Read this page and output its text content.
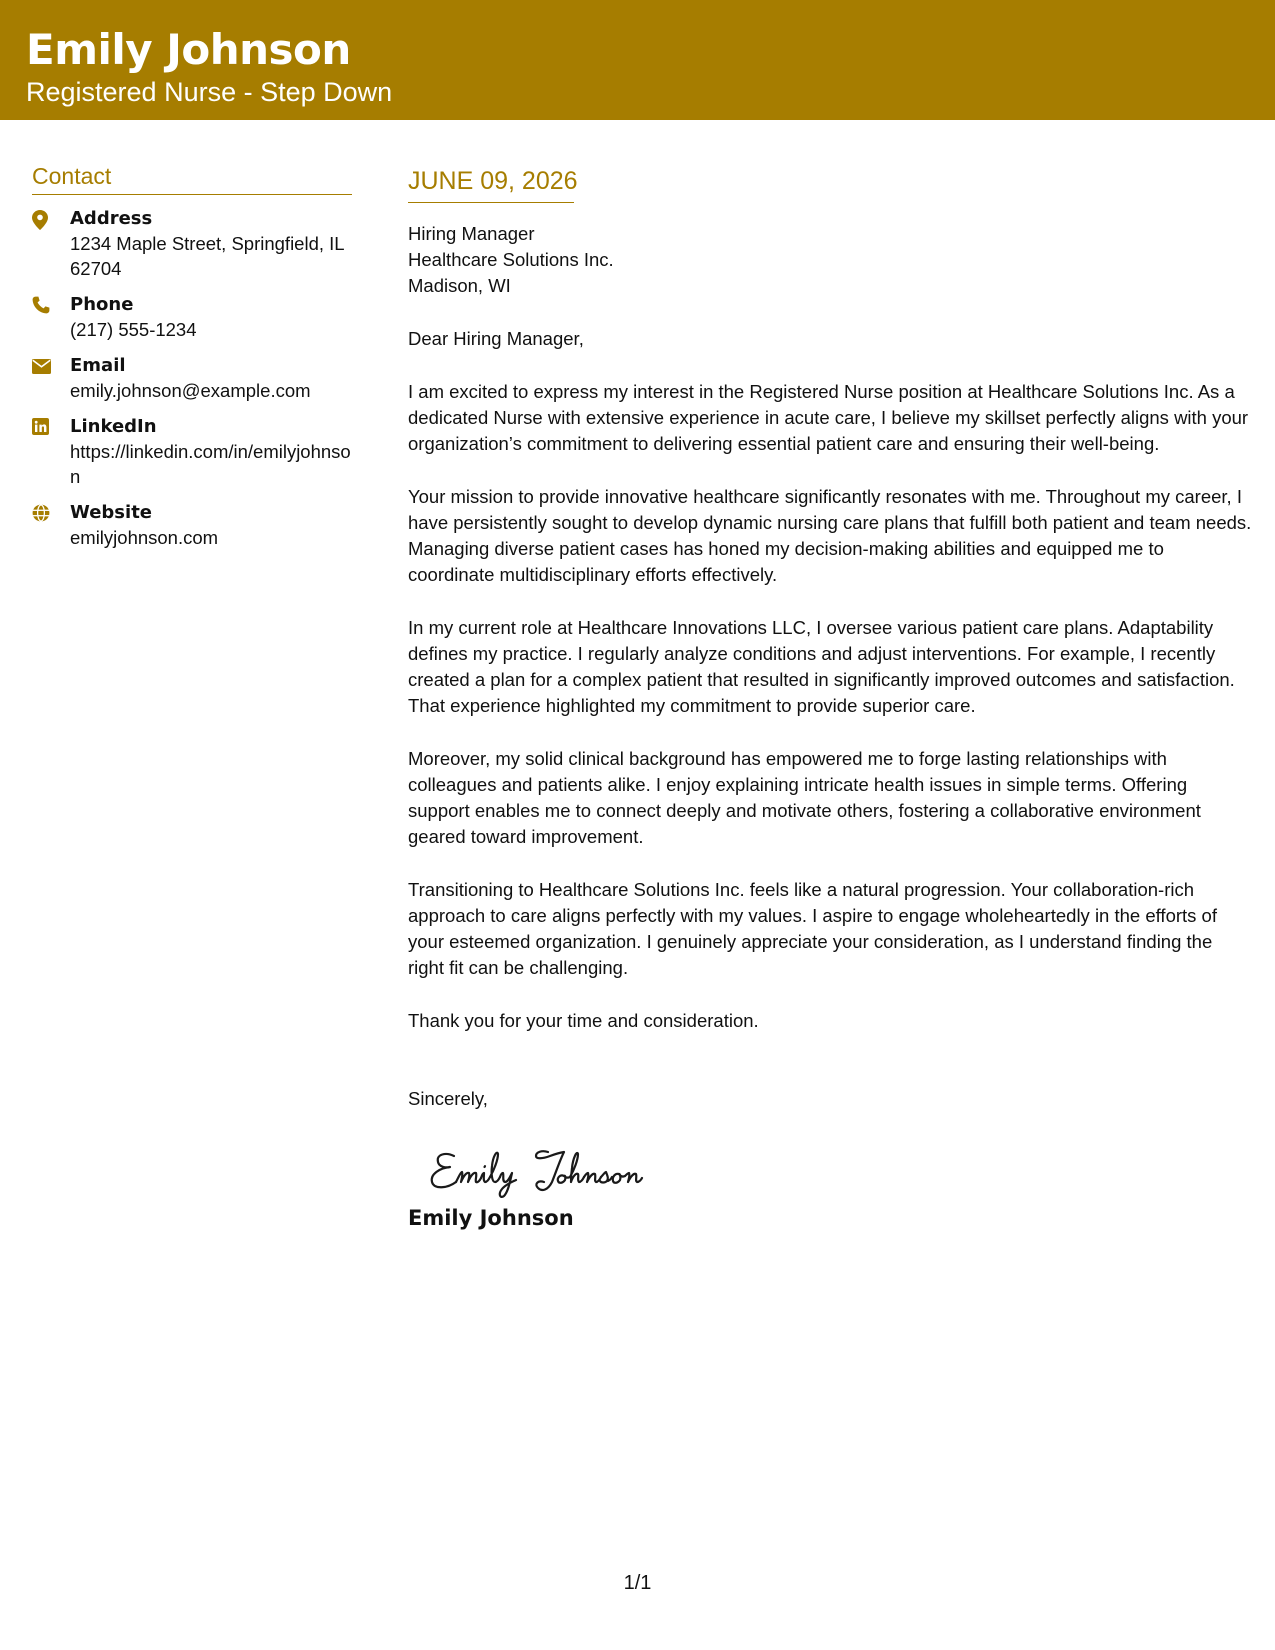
Emily Johnson
Registered Nurse - Step Down
Contact
Address
1234 Maple Street, Springfield, IL 62704
Phone
(217) 555-1234
Email
emily.johnson@example.com
LinkedIn
https://linkedin.com/in/emilyjohnson
Website
emilyjohnson.com
JUNE 09, 2026
Hiring Manager
Healthcare Solutions Inc.
Madison, WI
Dear Hiring Manager,
I am excited to express my interest in the Registered Nurse position at Healthcare Solutions Inc. As a dedicated Nurse with extensive experience in acute care, I believe my skillset perfectly aligns with your organization’s commitment to delivering essential patient care and ensuring their well-being.
Your mission to provide innovative healthcare significantly resonates with me. Throughout my career, I have persistently sought to develop dynamic nursing care plans that fulfill both patient and team needs. Managing diverse patient cases has honed my decision-making abilities and equipped me to coordinate multidisciplinary efforts effectively.
In my current role at Healthcare Innovations LLC, I oversee various patient care plans. Adaptability defines my practice. I regularly analyze conditions and adjust interventions. For example, I recently created a plan for a complex patient that resulted in significantly improved outcomes and satisfaction. That experience highlighted my commitment to provide superior care.
Moreover, my solid clinical background has empowered me to forge lasting relationships with colleagues and patients alike. I enjoy explaining intricate health issues in simple terms. Offering support enables me to connect deeply and motivate others, fostering a collaborative environment geared toward improvement.
Transitioning to Healthcare Solutions Inc. feels like a natural progression. Your collaboration-rich approach to care aligns perfectly with my values. I aspire to engage wholeheartedly in the efforts of your esteemed organization. I genuinely appreciate your consideration, as I understand finding the right fit can be challenging.
Thank you for your time and consideration.
Sincerely,
Emily Johnson
1/1
